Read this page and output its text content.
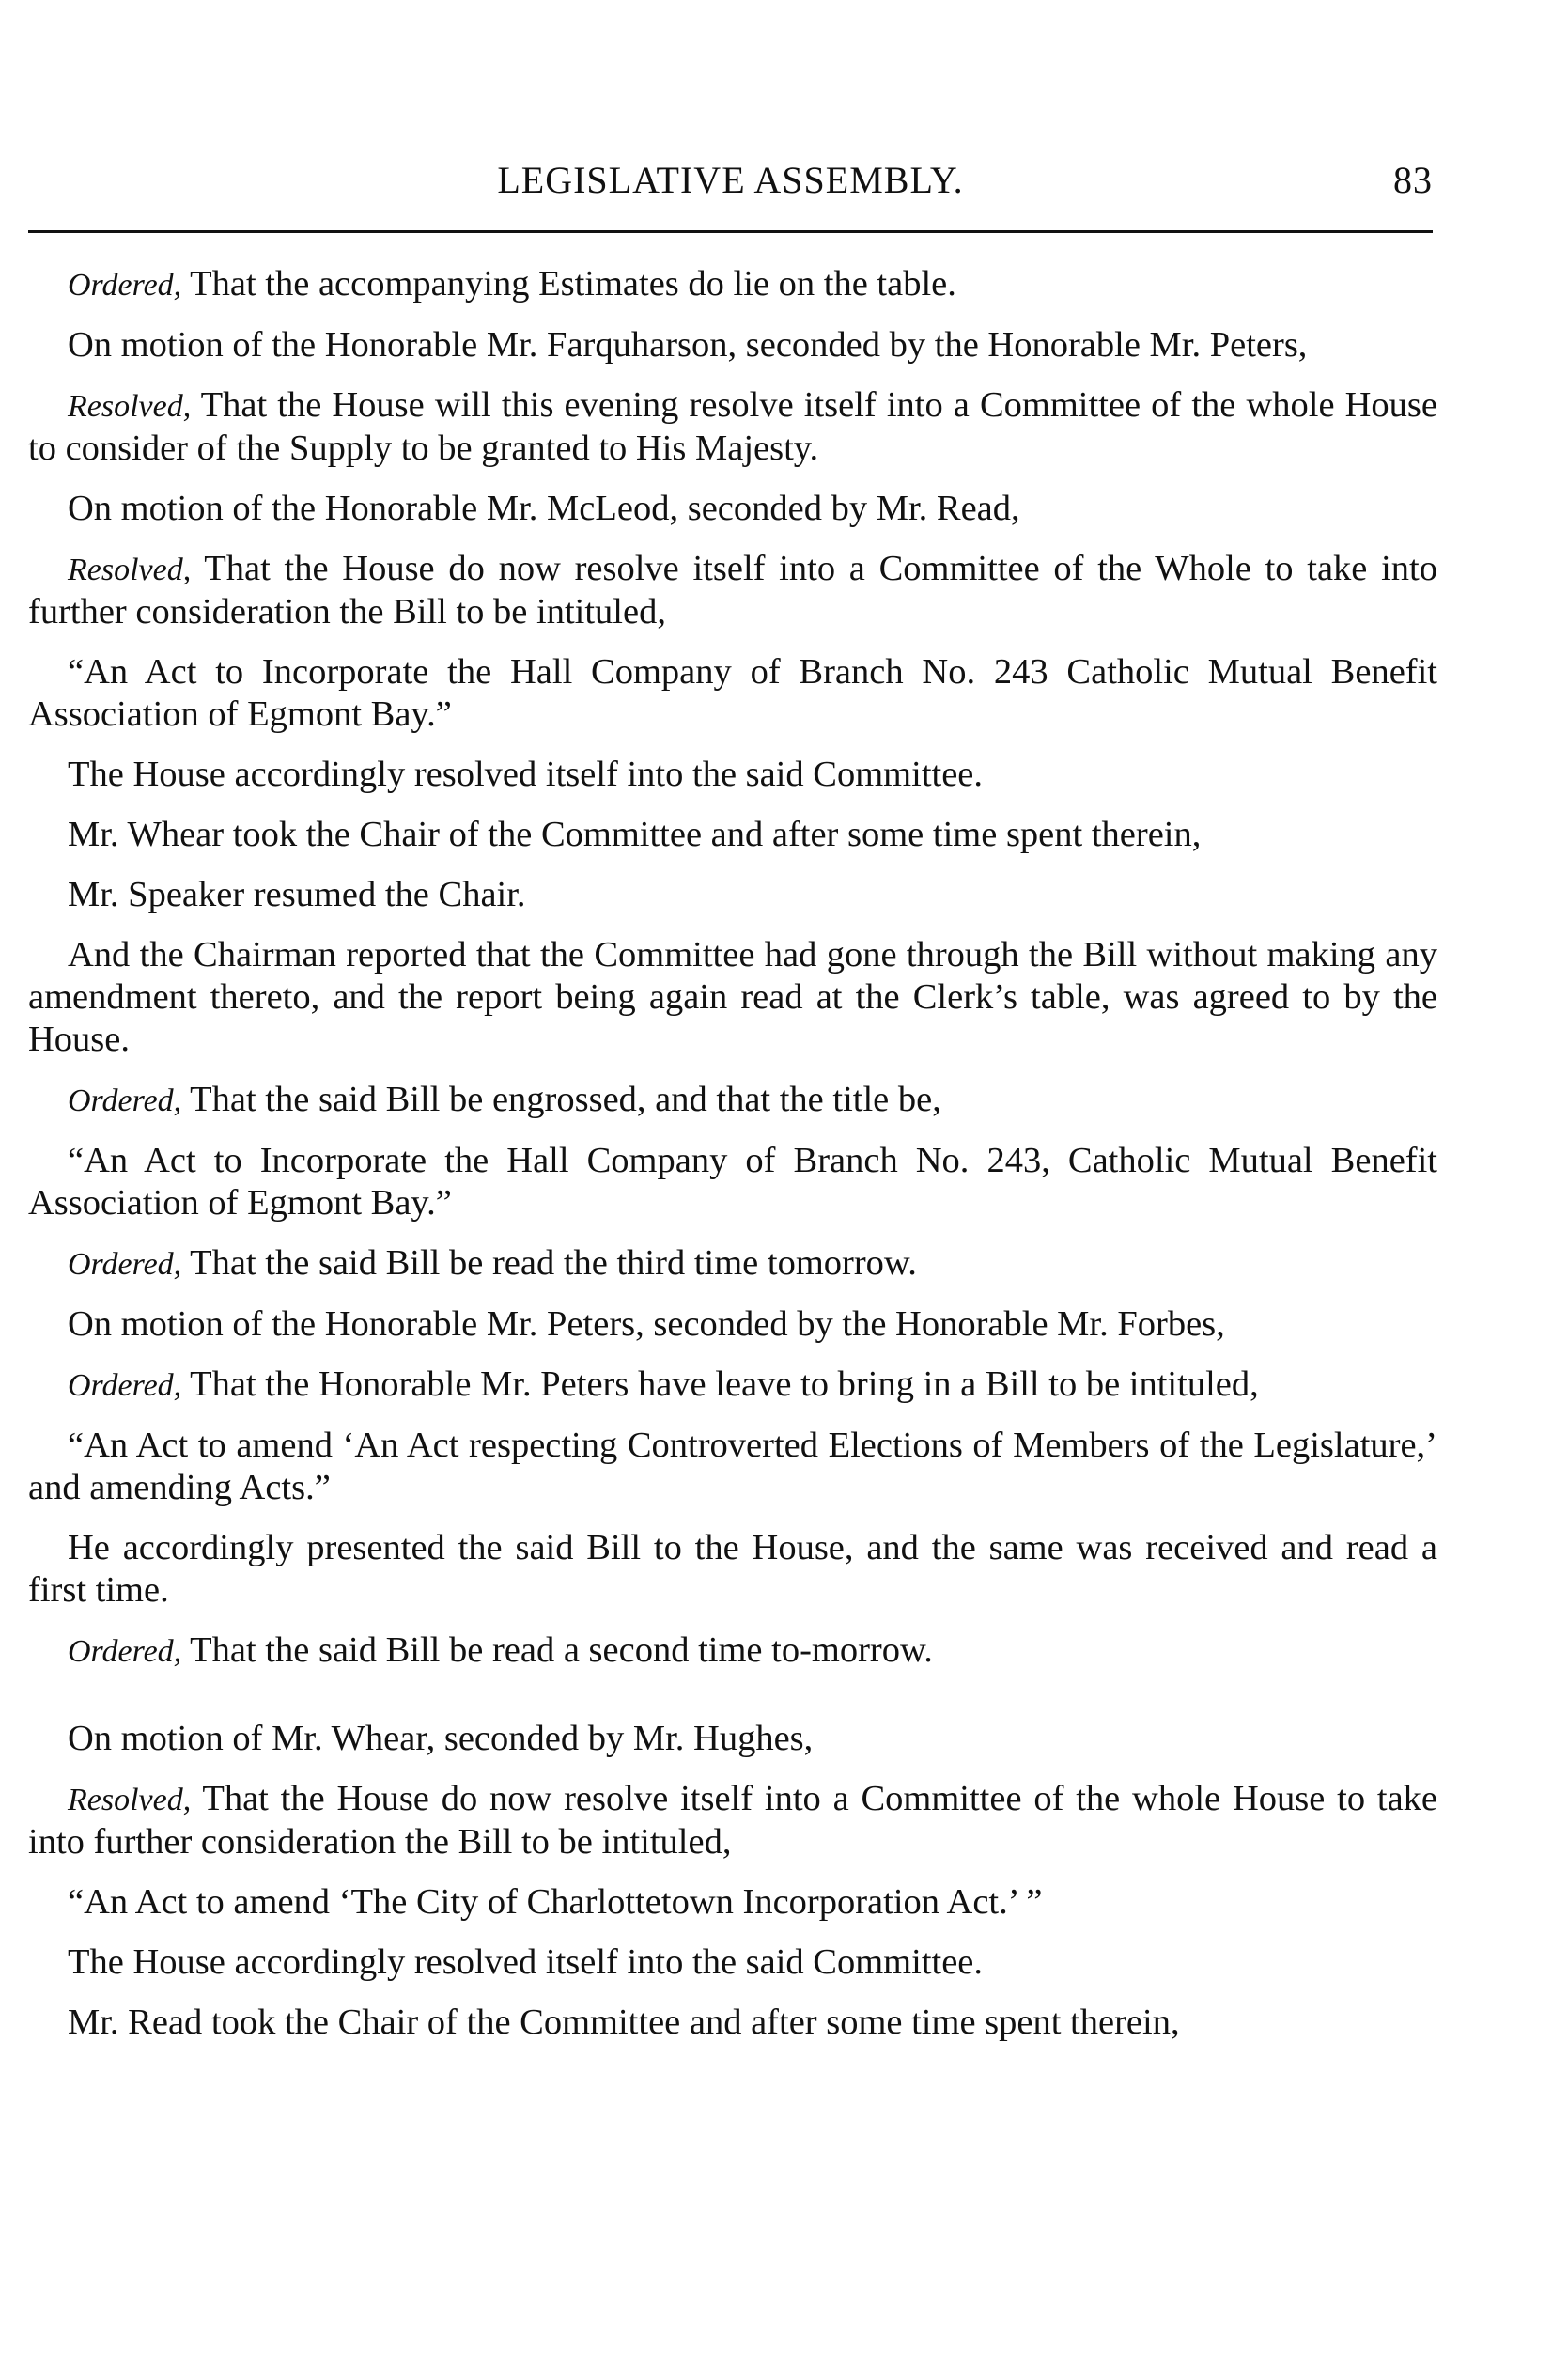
LEGISLATIVE ASSEMBLY.	83

Ordered, That the accompanying Estimates do lie on the table.

On motion of the Honorable Mr. Farquharson, seconded by the Honorable Mr. Peters,

Resolved, That the House will this evening resolve itself into a Committee of the whole House to consider of the Supply to be granted to His Majesty.

On motion of the Honorable Mr. McLeod, seconded by Mr. Read,

Resolved, That the House do now resolve itself into a Committee of the Whole to take into further consideration the Bill to be intituled,

“An Act to Incorporate the Hall Company of Branch No. 243 Catholic Mutual Benefit Association of Egmont Bay.”

The House accordingly resolved itself into the said Committee.

Mr. Whear took the Chair of the Committee and after some time spent therein,

Mr. Speaker resumed the Chair.

And the Chairman reported that the Committee had gone through the Bill without making any amendment thereto, and the report being again read at the Clerk’s table, was agreed to by the House.

Ordered, That the said Bill be engrossed, and that the title be,

“An Act to Incorporate the Hall Company of Branch No. 243, Catholic Mutual Benefit Association of Egmont Bay.”

Ordered, That the said Bill be read the third time tomorrow.

On motion of the Honorable Mr. Peters, seconded by the Honorable Mr. Forbes,

Ordered, That the Honorable Mr. Peters have leave to bring in a Bill to be intituled,

“An Act to amend ‘An Act respecting Controverted Elections of Members of the Legislature,’ and amending Acts.”

He accordingly presented the said Bill to the House, and the same was received and read a first time.

Ordered, That the said Bill be read a second time to-morrow.

On motion of Mr. Whear, seconded by Mr. Hughes,

Resolved, That the House do now resolve itself into a Committee of the whole House to take into further consideration the Bill to be intituled,

“An Act to amend ‘The City of Charlottetown Incorporation Act.’ ”

The House accordingly resolved itself into the said Committee.

Mr. Read took the Chair of the Committee and after some time spent therein,
